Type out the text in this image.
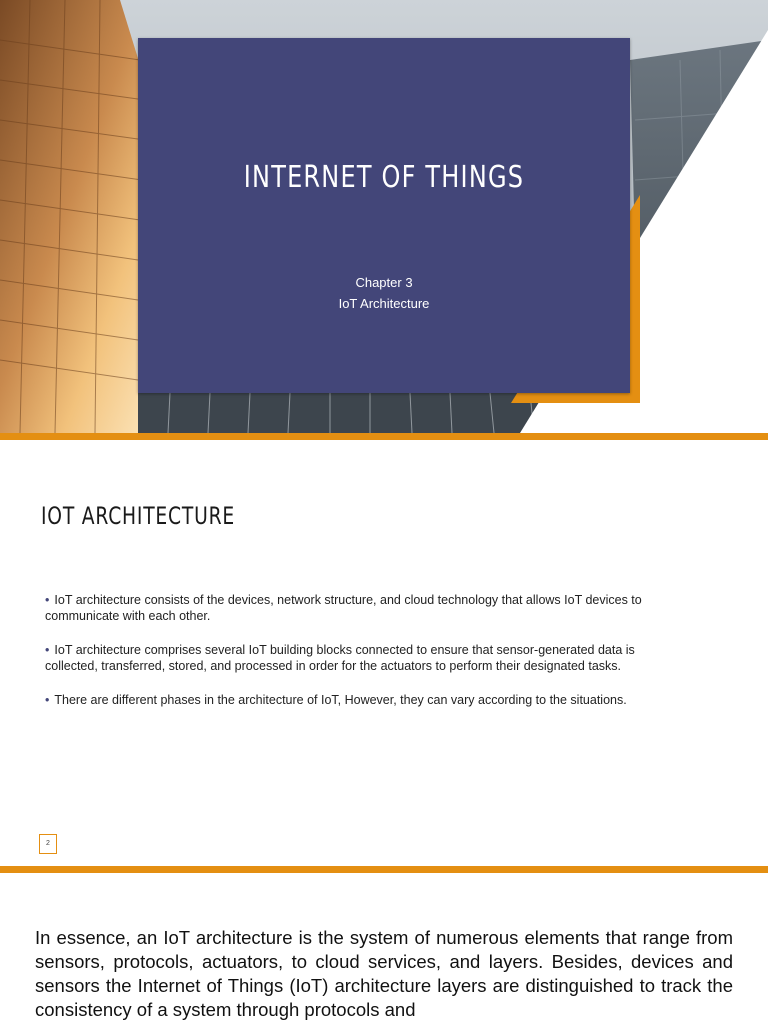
INTERNET OF THINGS
Chapter 3
IoT Architecture
IOT ARCHITECTURE
• IoT architecture consists of the devices, network structure, and cloud technology that allows IoT devices to communicate with each other.
• IoT architecture comprises several IoT building blocks connected to ensure that sensor-generated data is collected, transferred, stored, and processed in order for the actuators to perform their designated tasks.
• There are different phases in the architecture of IoT, However, they can vary according to the situations.
2

In essence, an IoT architecture is the system of numerous elements that range from sensors, protocols, actuators, to cloud services, and layers. Besides, devices and sensors the Internet of Things (IoT) architecture layers are distinguished to track the consistency of a system through protocols and
